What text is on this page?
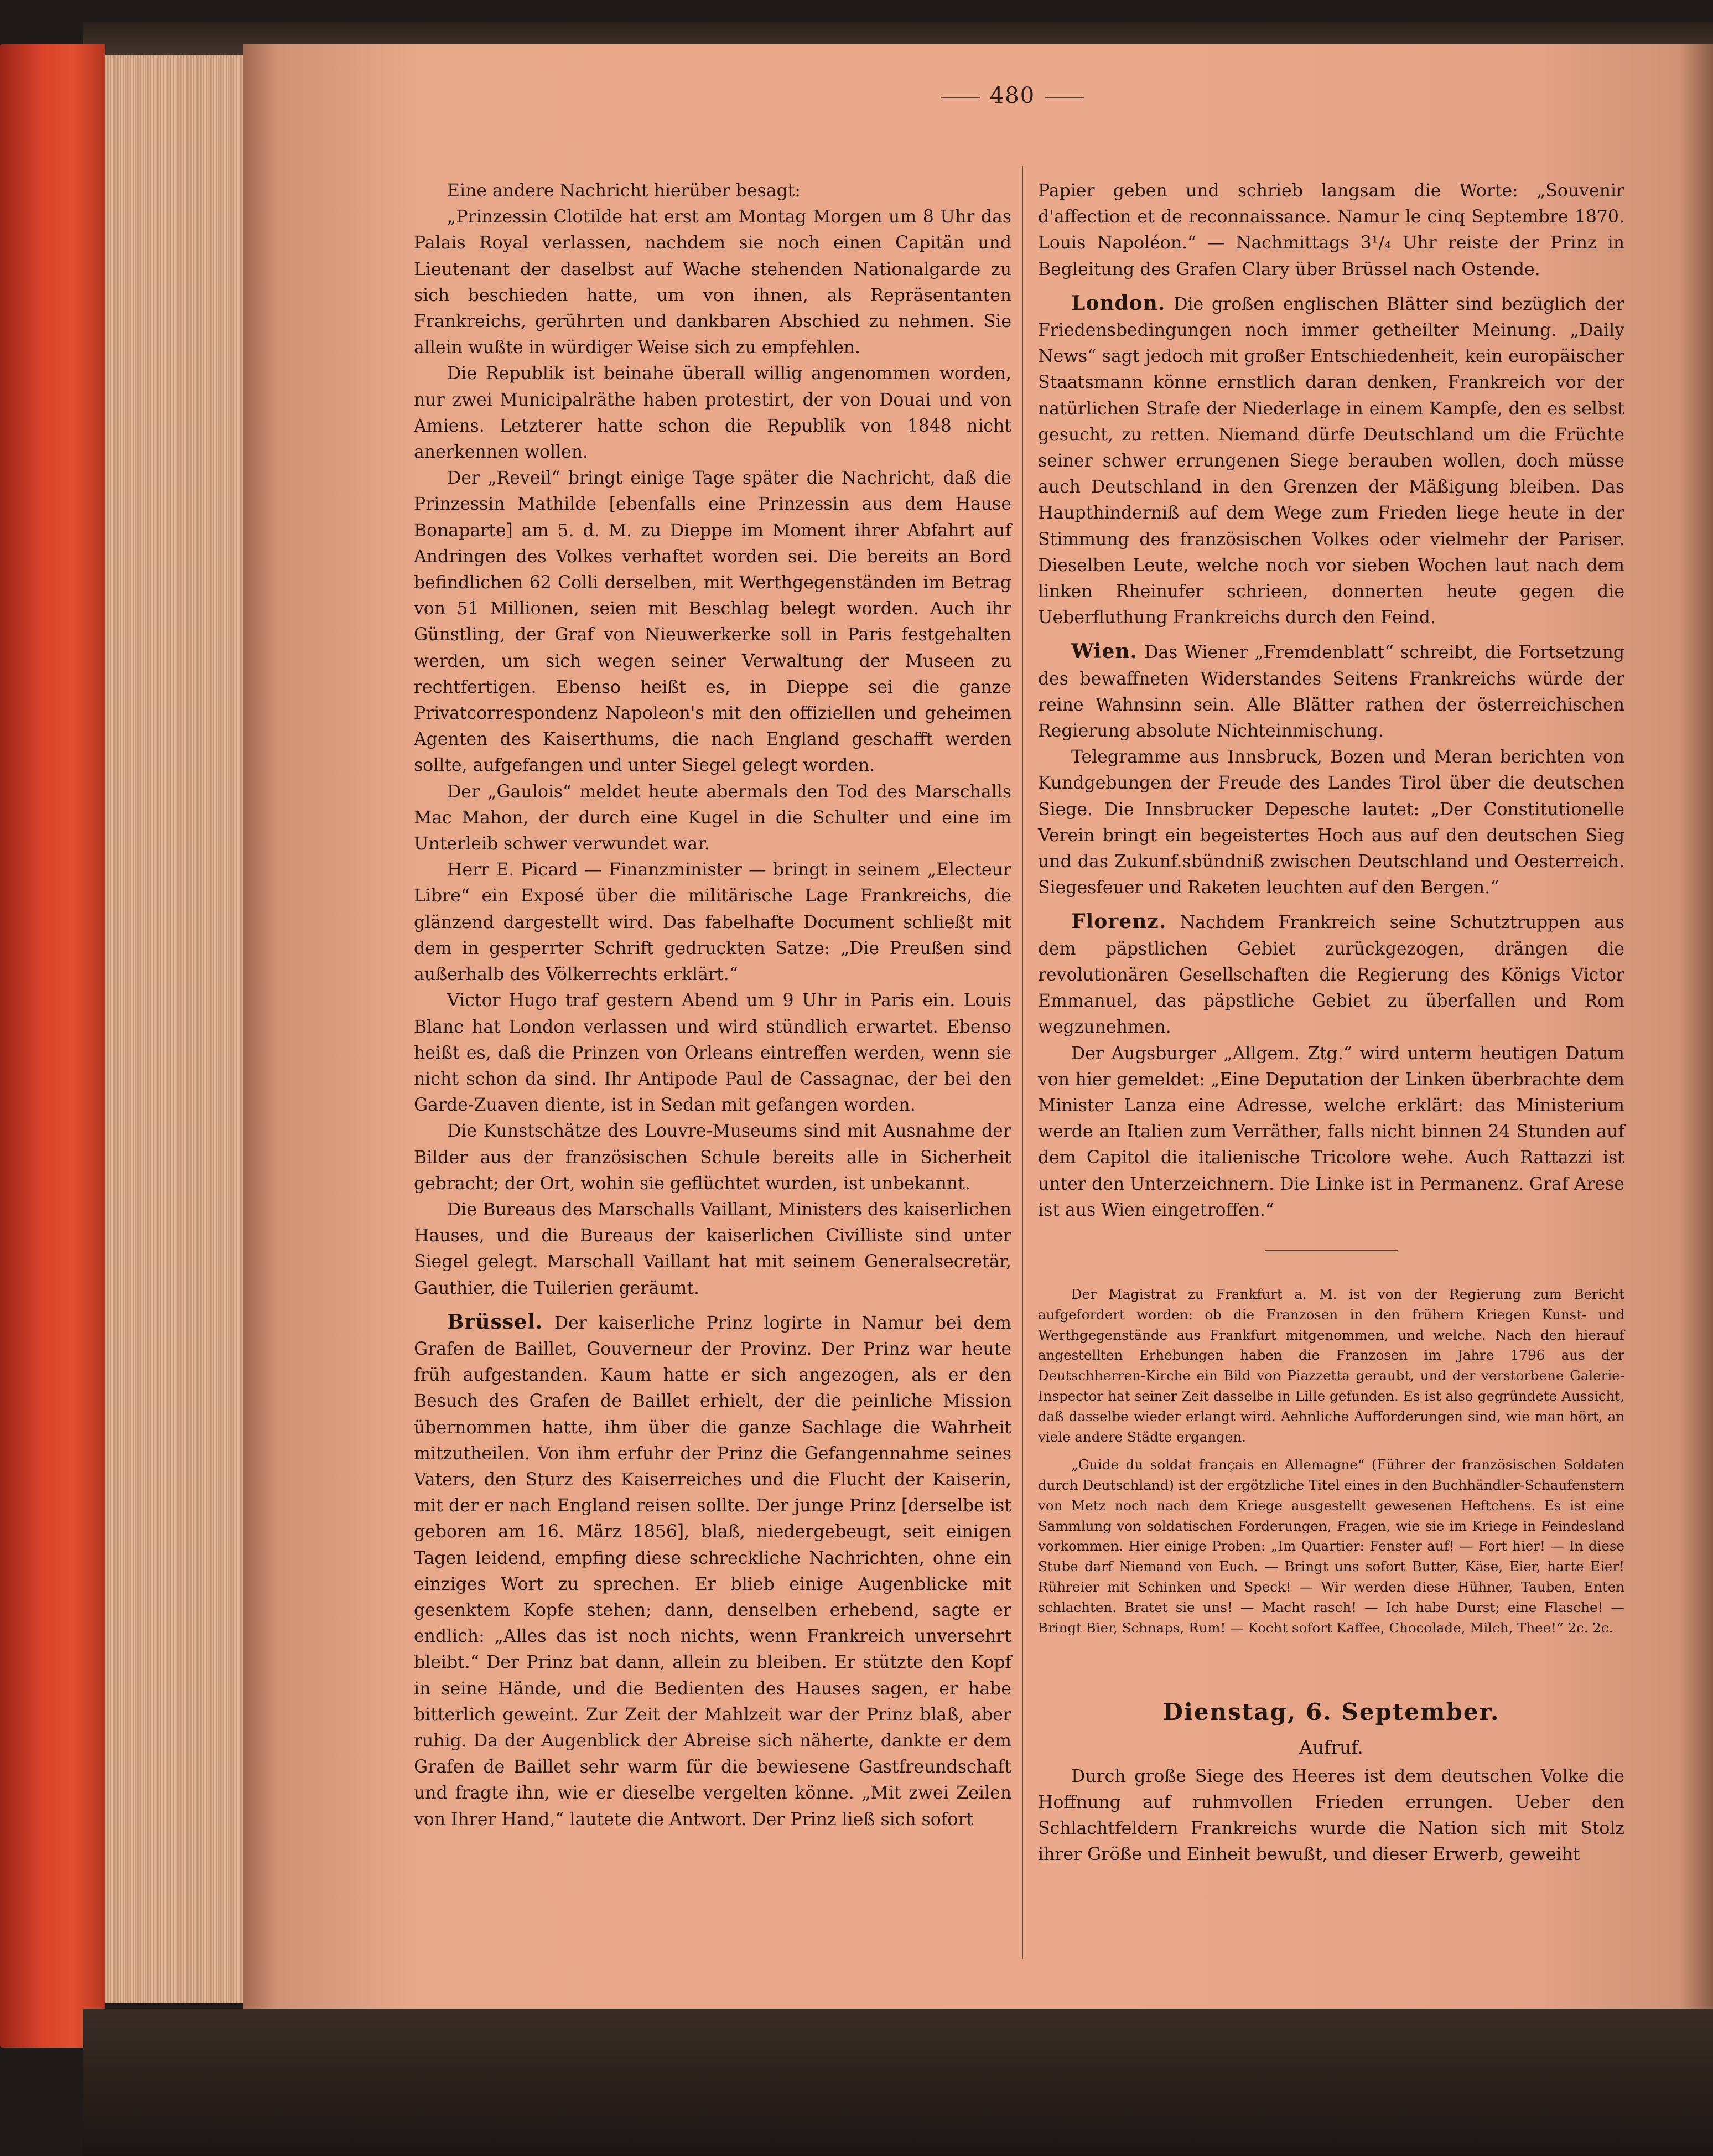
480

Eine andere Nachricht hierüber besagt:

„Prinzessin Clotilde hat erst am Montag Morgen um 8 Uhr das Palais Royal verlassen, nachdem sie noch einen Capitän und Lieutenant der daselbst auf Wache stehenden Nationalgarde zu sich beschieden hatte, um von ihnen, als Repräsentanten Frankreichs, gerührten und dankbaren Abschied zu nehmen. Sie allein wußte in würdiger Weise sich zu empfehlen.

Die Republik ist beinahe überall willig angenommen worden, nur zwei Municipalräthe haben protestirt, der von Douai und von Amiens. Letzterer hatte schon die Republik von 1848 nicht anerkennen wollen.

Der „Reveil“ bringt einige Tage später die Nachricht, daß die Prinzessin Mathilde [ebenfalls eine Prinzessin aus dem Hause Bonaparte] am 5. d. M. zu Dieppe im Moment ihrer Abfahrt auf Andringen des Volkes verhaftet worden sei. Die bereits an Bord befindlichen 62 Colli derselben, mit Werthgegenständen im Betrag von 51 Millionen, seien mit Beschlag belegt worden. Auch ihr Günstling, der Graf von Nieuwerkerke soll in Paris festgehalten werden, um sich wegen seiner Verwaltung der Museen zu rechtfertigen. Ebenso heißt es, in Dieppe sei die ganze Privatcorrespondenz Napoleon's mit den offiziellen und geheimen Agenten des Kaiserthums, die nach England geschafft werden sollte, aufgefangen und unter Siegel gelegt worden.

Der „Gaulois“ meldet heute abermals den Tod des Marschalls Mac Mahon, der durch eine Kugel in die Schulter und eine im Unterleib schwer verwundet war.

Herr E. Picard — Finanzminister — bringt in seinem „Electeur Libre“ ein Exposé über die militärische Lage Frankreichs, die glänzend dargestellt wird. Das fabelhafte Document schließt mit dem in gesperrter Schrift gedruckten Satze: „Die Preußen sind außerhalb des Völkerrechts erklärt.“

Victor Hugo traf gestern Abend um 9 Uhr in Paris ein. Louis Blanc hat London verlassen und wird stündlich erwartet. Ebenso heißt es, daß die Prinzen von Orleans eintreffen werden, wenn sie nicht schon da sind. Ihr Antipode Paul de Cassagnac, der bei den Garde-Zuaven diente, ist in Sedan mit gefangen worden.

Die Kunstschätze des Louvre-Museums sind mit Ausnahme der Bilder aus der französischen Schule bereits alle in Sicherheit gebracht; der Ort, wohin sie geflüchtet wurden, ist unbekannt.

Die Bureaus des Marschalls Vaillant, Ministers des kaiserlichen Hauses, und die Bureaus der kaiserlichen Civilliste sind unter Siegel gelegt. Marschall Vaillant hat mit seinem Generalsecretär, Gauthier, die Tuilerien geräumt.

Brüssel. Der kaiserliche Prinz logirte in Namur bei dem Grafen de Baillet, Gouverneur der Provinz. Der Prinz war heute früh aufgestanden. Kaum hatte er sich angezogen, als er den Besuch des Grafen de Baillet erhielt, der die peinliche Mission übernommen hatte, ihm über die ganze Sachlage die Wahrheit mitzutheilen. Von ihm erfuhr der Prinz die Gefangennahme seines Vaters, den Sturz des Kaiserreiches und die Flucht der Kaiserin, mit der er nach England reisen sollte. Der junge Prinz [derselbe ist geboren am 16. März 1856], blaß, niedergebeugt, seit einigen Tagen leidend, empfing diese schreckliche Nachrichten, ohne ein einziges Wort zu sprechen. Er blieb einige Augenblicke mit gesenktem Kopfe stehen; dann, denselben erhebend, sagte er endlich: „Alles das ist noch nichts, wenn Frankreich unversehrt bleibt.“ Der Prinz bat dann, allein zu bleiben. Er stützte den Kopf in seine Hände, und die Bedienten des Hauses sagen, er habe bitterlich geweint. Zur Zeit der Mahlzeit war der Prinz blaß, aber ruhig. Da der Augenblick der Abreise sich näherte, dankte er dem Grafen de Baillet sehr warm für die bewiesene Gastfreundschaft und fragte ihn, wie er dieselbe vergelten könne. „Mit zwei Zeilen von Ihrer Hand,“ lautete die Antwort. Der Prinz ließ sich sofort

Papier geben und schrieb langsam die Worte: „Souvenir d'affection et de reconnaissance. Namur le cinq Septembre 1870. Louis Napoléon.“ — Nachmittags 3¹/₄ Uhr reiste der Prinz in Begleitung des Grafen Clary über Brüssel nach Ostende.

London. Die großen englischen Blätter sind bezüglich der Friedensbedingungen noch immer getheilter Meinung. „Daily News“ sagt jedoch mit großer Entschiedenheit, kein europäischer Staatsmann könne ernstlich daran denken, Frankreich vor der natürlichen Strafe der Niederlage in einem Kampfe, den es selbst gesucht, zu retten. Niemand dürfe Deutschland um die Früchte seiner schwer errungenen Siege berauben wollen, doch müsse auch Deutschland in den Grenzen der Mäßigung bleiben. Das Haupthinderniß auf dem Wege zum Frieden liege heute in der Stimmung des französischen Volkes oder vielmehr der Pariser. Dieselben Leute, welche noch vor sieben Wochen laut nach dem linken Rheinufer schrieen, donnerten heute gegen die Ueberfluthung Frankreichs durch den Feind.

Wien. Das Wiener „Fremdenblatt“ schreibt, die Fortsetzung des bewaffneten Widerstandes Seitens Frankreichs würde der reine Wahnsinn sein. Alle Blätter rathen der österreichischen Regierung absolute Nichteinmischung.

Telegramme aus Innsbruck, Bozen und Meran berichten von Kundgebungen der Freude des Landes Tirol über die deutschen Siege. Die Innsbrucker Depesche lautet: „Der Constitutionelle Verein bringt ein begeistertes Hoch aus auf den deutschen Sieg und das Zukunf.sbündniß zwischen Deutschland und Oesterreich. Siegesfeuer und Raketen leuchten auf den Bergen.“

Florenz. Nachdem Frankreich seine Schutztruppen aus dem päpstlichen Gebiet zurückgezogen, drängen die revolutionären Gesellschaften die Regierung des Königs Victor Emmanuel, das päpstliche Gebiet zu überfallen und Rom wegzunehmen.

Der Augsburger „Allgem. Ztg.“ wird unterm heutigen Datum von hier gemeldet: „Eine Deputation der Linken überbrachte dem Minister Lanza eine Adresse, welche erklärt: das Ministerium werde an Italien zum Verräther, falls nicht binnen 24 Stunden auf dem Capitol die italienische Tricolore wehe. Auch Rattazzi ist unter den Unterzeichnern. Die Linke ist in Permanenz. Graf Arese ist aus Wien eingetroffen.“

Der Magistrat zu Frankfurt a. M. ist von der Regierung zum Bericht aufgefordert worden: ob die Franzosen in den frühern Kriegen Kunst- und Werthgegenstände aus Frankfurt mitgenommen, und welche. Nach den hierauf angestellten Erhebungen haben die Franzosen im Jahre 1796 aus der Deutschherren-Kirche ein Bild von Piazzetta geraubt, und der verstorbene Galerie-Inspector hat seiner Zeit dasselbe in Lille gefunden. Es ist also gegründete Aussicht, daß dasselbe wieder erlangt wird. Aehnliche Aufforderungen sind, wie man hört, an viele andere Städte ergangen.

„Guide du soldat français en Allemagne“ (Führer der französischen Soldaten durch Deutschland) ist der ergötzliche Titel eines in den Buchhändler-Schaufenstern von Metz noch nach dem Kriege ausgestellt gewesenen Heftchens. Es ist eine Sammlung von soldatischen Forderungen, Fragen, wie sie im Kriege in Feindesland vorkommen. Hier einige Proben: „Im Quartier: Fenster auf! — Fort hier! — In diese Stube darf Niemand von Euch. — Bringt uns sofort Butter, Käse, Eier, harte Eier! Rühreier mit Schinken und Speck! — Wir werden diese Hühner, Tauben, Enten schlachten. Bratet sie uns! — Macht rasch! — Ich habe Durst; eine Flasche! — Bringt Bier, Schnaps, Rum! — Kocht sofort Kaffee, Chocolade, Milch, Thee!“ 2c. 2c.

Dienstag, 6. September.

Aufruf.

Durch große Siege des Heeres ist dem deutschen Volke die Hoffnung auf ruhmvollen Frieden errungen. Ueber den Schlachtfeldern Frankreichs wurde die Nation sich mit Stolz ihrer Größe und Einheit bewußt, und dieser Erwerb, geweiht
